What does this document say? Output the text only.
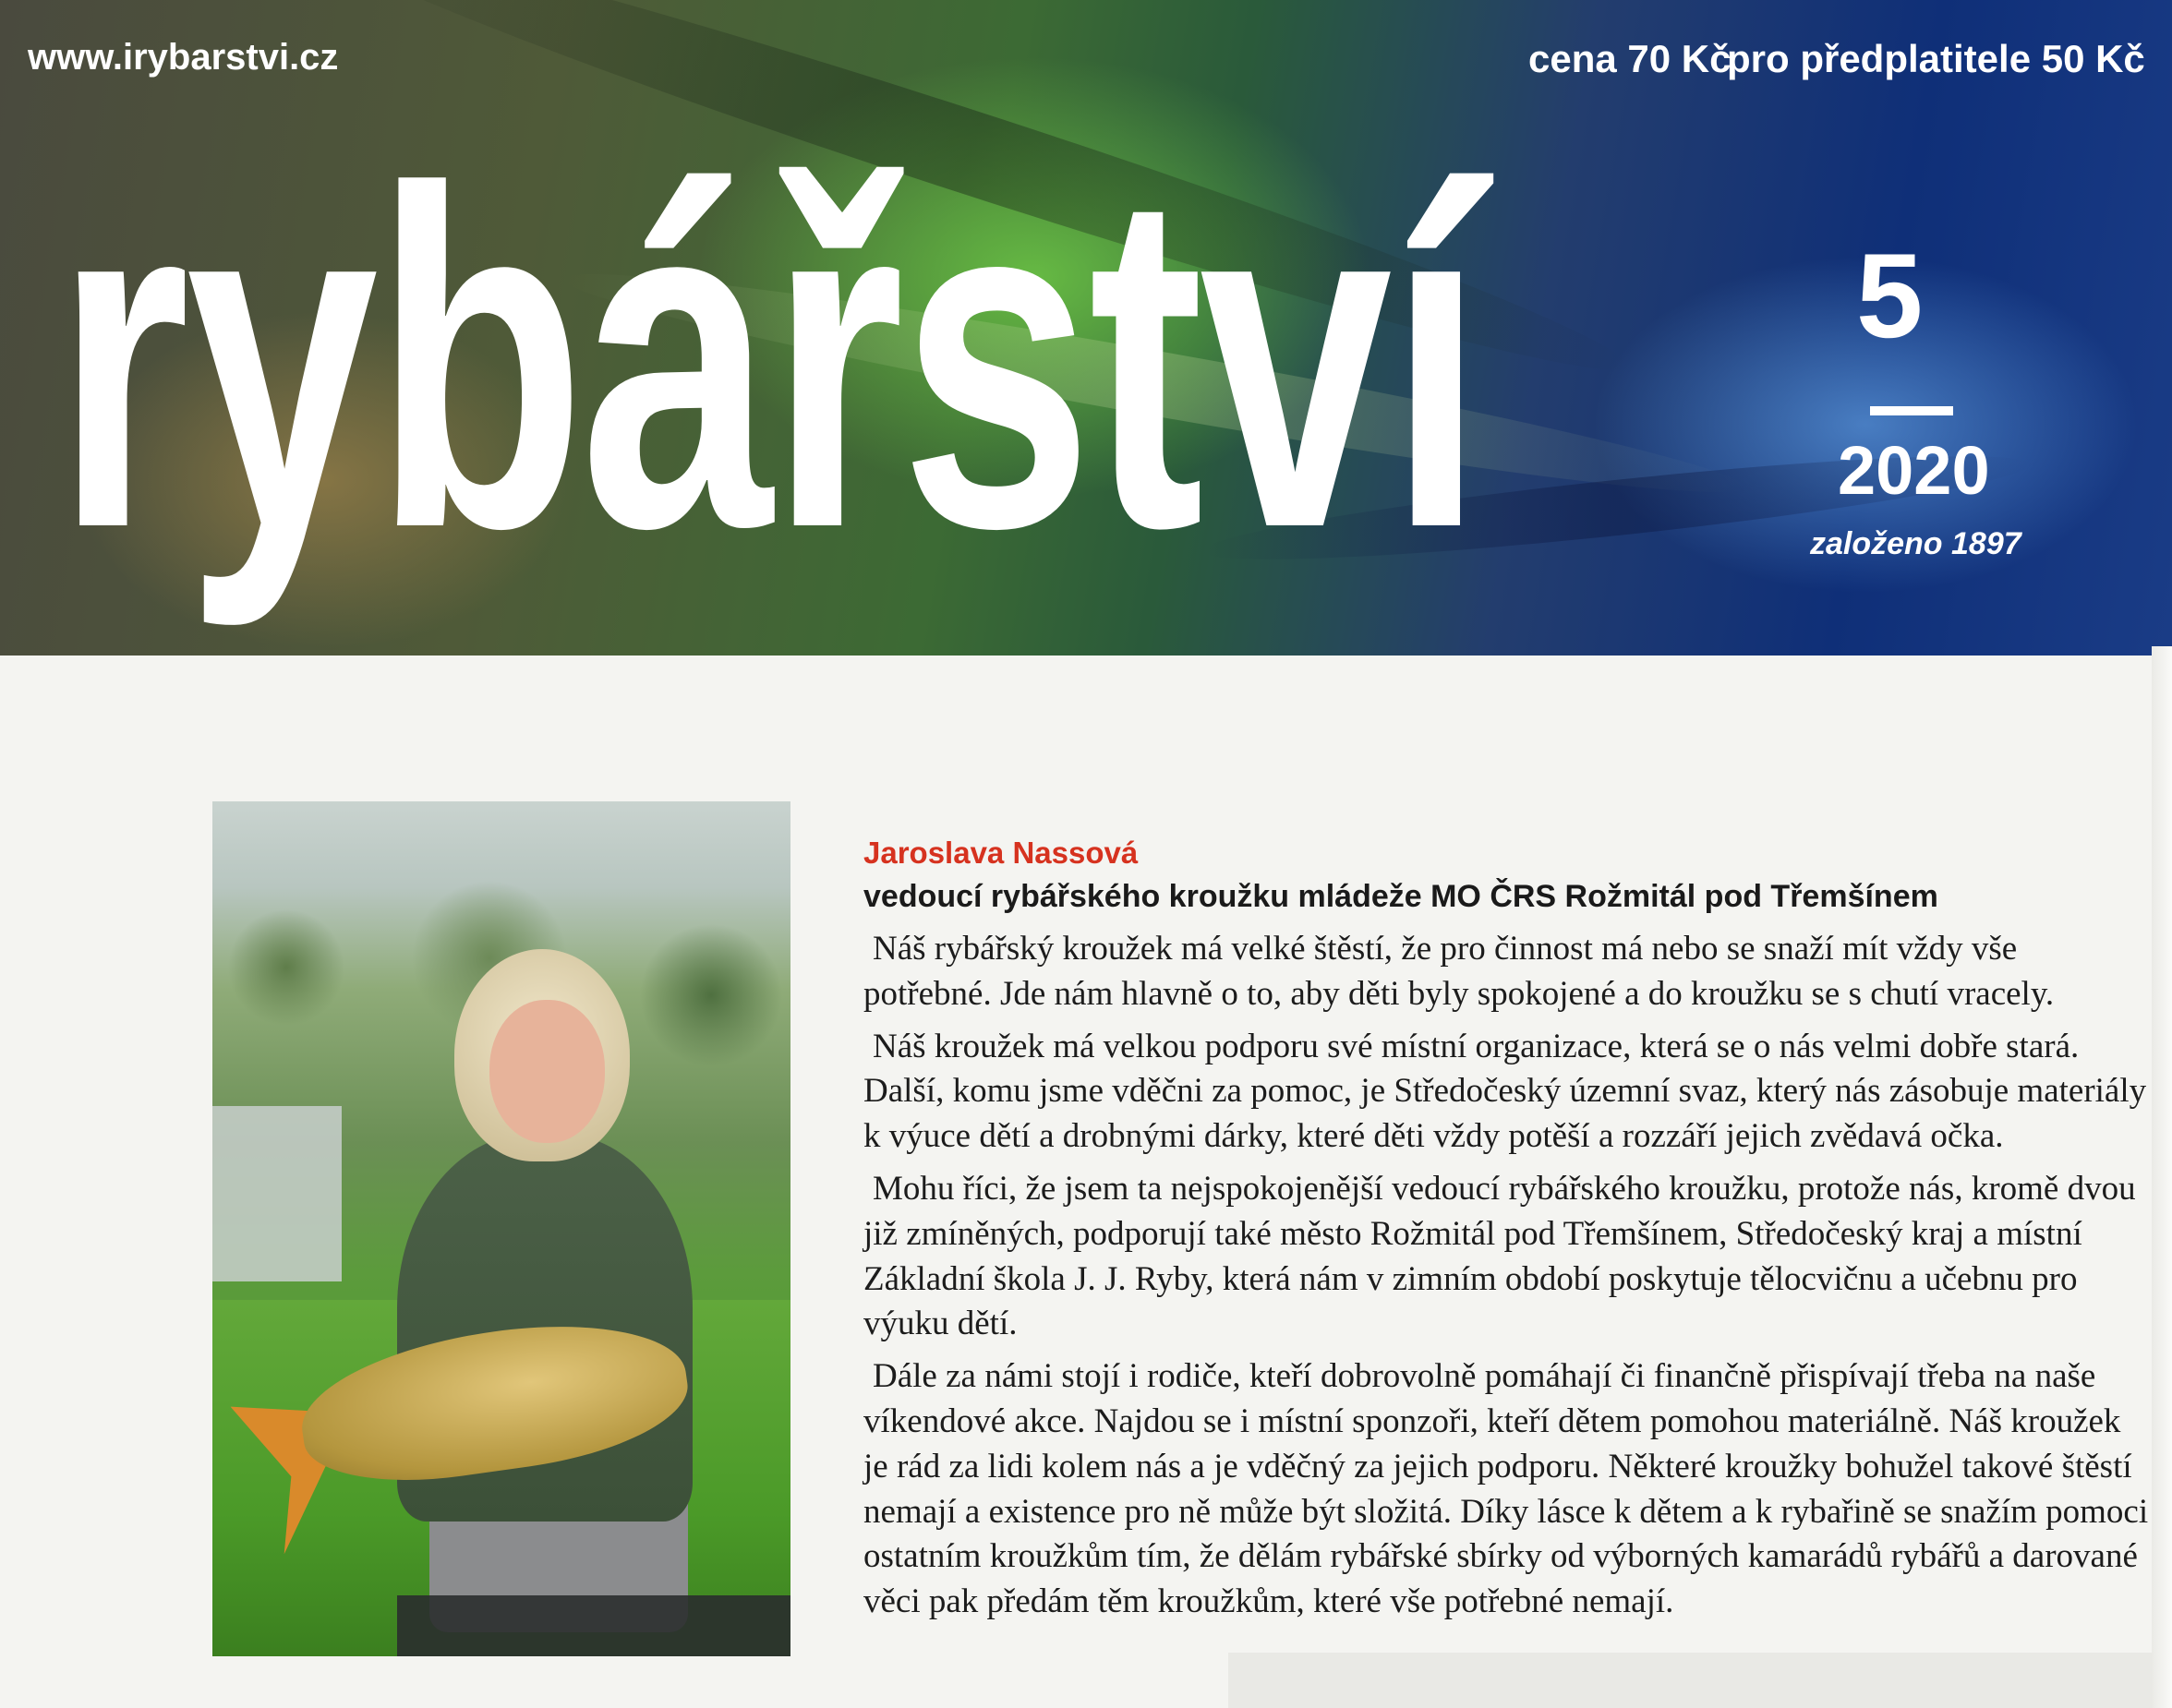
www.irybarstvi.cz	cena 70 Kč
pro předplatitele 50 Kč
rybářství	5
2020
založeno 1897

Jaroslava Nassová

vedoucí rybářského kroužku mládeže MO ČRS Rožmitál pod Třemšínem

Náš rybářský kroužek má velké štěstí, že pro činnost má nebo se snaží mít vždy vše potřebné. Jde nám hlavně o to, aby děti byly spokojené a do kroužku se s chutí vracely.

Náš kroužek má velkou podporu své místní organizace, která se o nás velmi dobře stará. Další, komu jsme vděčni za pomoc, je Středočeský územní svaz, který nás zásobuje materiály k výuce dětí a drobnými dárky, které děti vždy potěší a rozzáří jejich zvědavá očka.

Mohu říci, že jsem ta nejspokojenější vedoucí rybářského kroužku, protože nás, kromě dvou již zmíněných, podporují také město Rožmitál pod Třemšínem, Středočeský kraj a místní Základní škola J. J. Ryby, která nám v zimním období poskytuje tělocvičnu a učebnu pro výuku dětí.

Dále za námi stojí i rodiče, kteří dobrovolně pomáhají či finančně přispívají třeba na naše víkendové akce. Najdou se i místní sponzoři, kteří dětem pomohou materiálně. Náš kroužek je rád za lidi kolem nás a je vděčný za jejich podporu. Některé kroužky bohužel takové štěstí nemají a existence pro ně může být složitá. Díky lásce k dětem a k rybařině se snažím pomoci ostatním kroužkům tím, že dělám rybářské sbírky od výborných kamarádů rybářů a darované věci pak předám těm kroužkům, které vše potřebné nemají.
